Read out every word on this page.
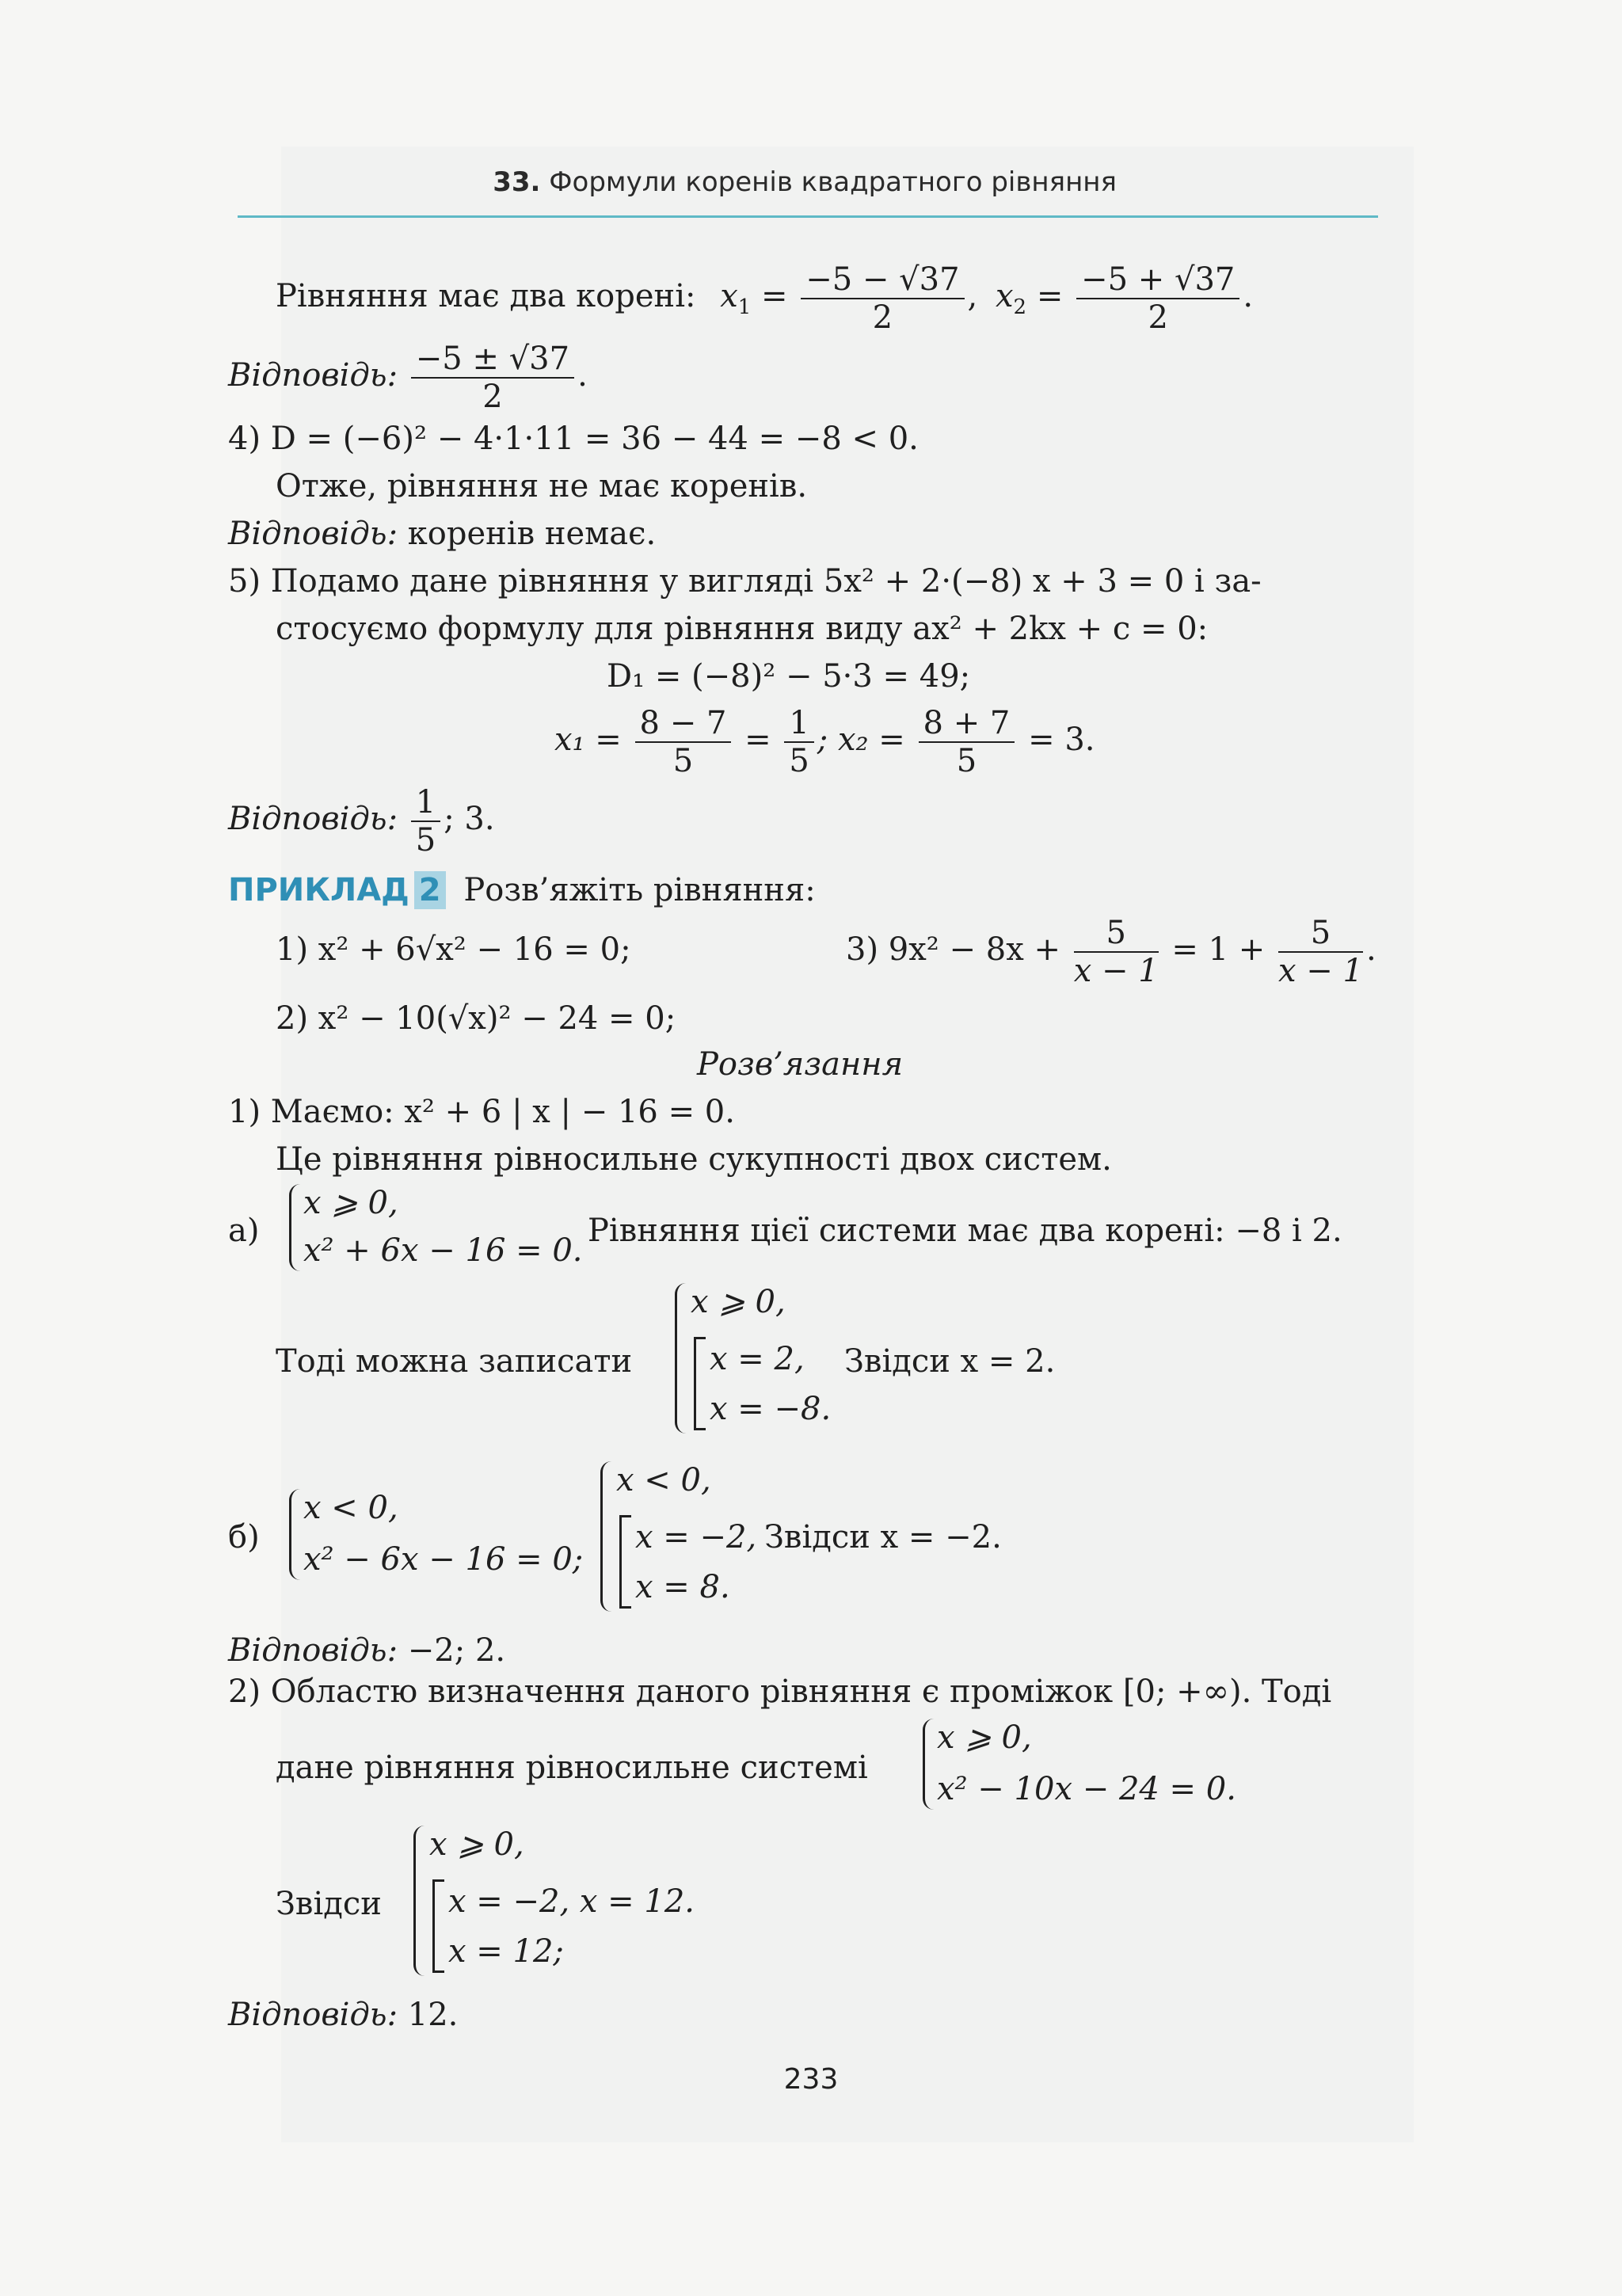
33. Формули коренів квадратного рівняння
Рівняння має два корені: $x_1 = \frac{-5 - √37}{2}$ , $x_2 = \frac{-5 + √37}{2}$ .
Відповідь: $\frac{-5 \pm √37}{2}$ .
4) D = (−6)² − 4·1·11 = 36 − 44 = −8 < 0.
Отже, рівняння не має коренів.
Відповідь: коренів немає.
5) Подамо дане рівняння у вигляді 5x² + 2·(−8) x + 3 = 0 і за-
стосуємо формулу для рівняння виду ax² + 2kx + c = 0:
D₁ = (−8)² − 5·3 = 49;
$x_1 = \frac{8 - 7}{5} = \frac{1}{5}$ ; $x_2 = \frac{8 + 7}{5} = 3$.
Відповідь: $\frac{1}{5}$ ; 3.
ПРИКЛАД 2 Розв’яжіть рівняння:
1) x² + 6√x² − 16 = 0;	3) $9x^2 - 8x + \frac{5}{x - 1} = 1 + \frac{5}{x - 1}$ .
2) x² − 10(√x)² − 24 = 0;
Розв’язання
1) Маємо: x² + 6 | x | − 16 = 0.
Це рівняння рівносильне сукупності двох систем.
а)
x ⩾ 0,
x² + 6x − 16 = 0.
Рівняння цієї системи має два корені: −8 і 2.
Тоді можна записати
x ⩾ 0,
x = 2,
x = −8.
Звідси x = 2.
б)
x < 0,
x² − 6x − 16 = 0;
x < 0,
x = −2,
x = 8.
Звідси x = −2.
Відповідь: −2; 2.
2) Областю визначення даного рівняння є проміжок [0; +∞). Тоді
дане рівняння рівносильне системі
x ⩾ 0,
x² − 10x − 24 = 0.
Звідси
x ⩾ 0,
x = −2, x = 12.
x = 12;
Відповідь: 12.
233
